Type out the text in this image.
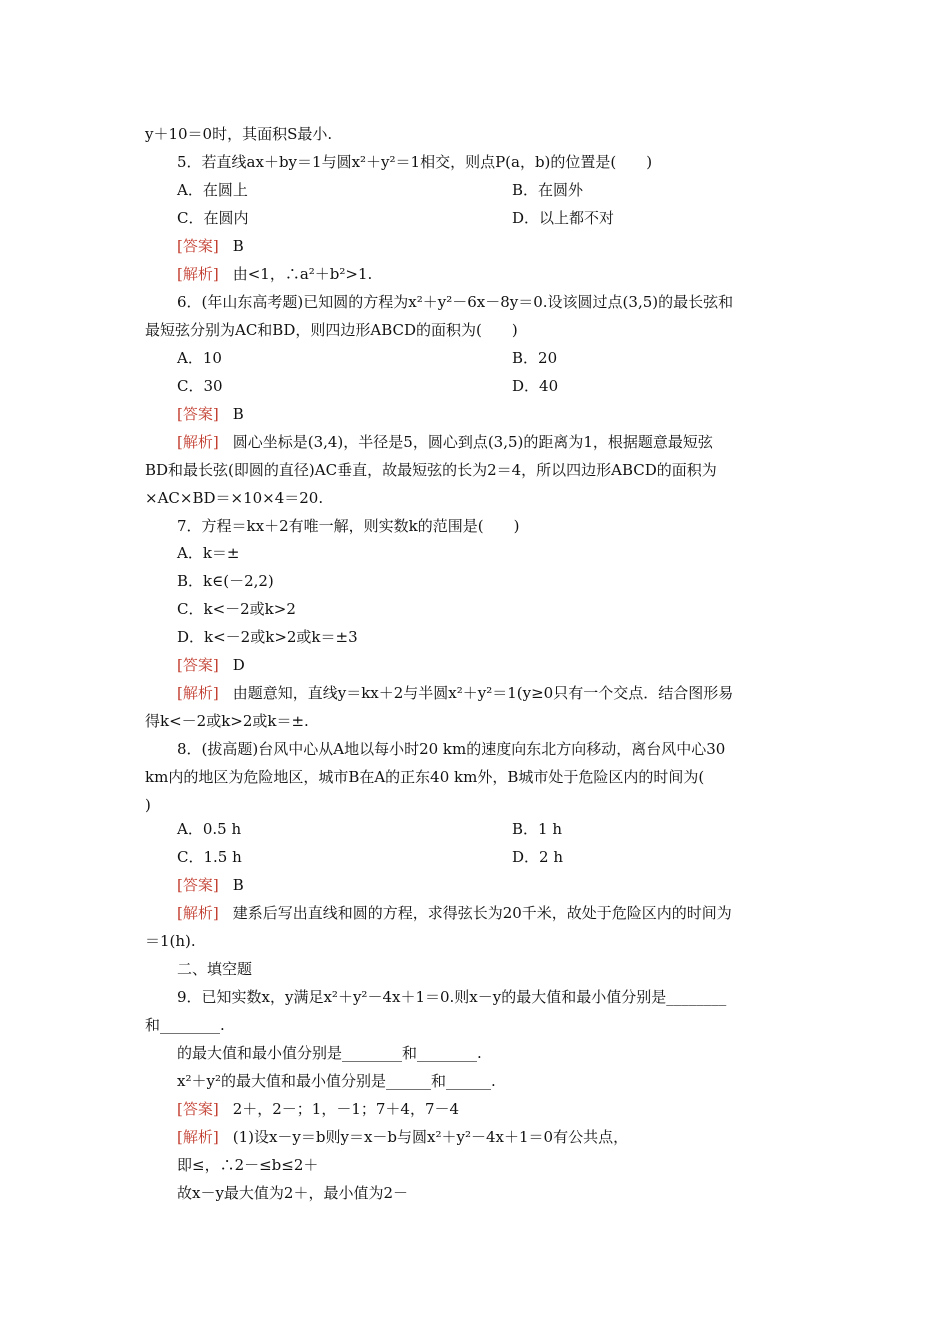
y＋10＝0时，其面积S最小.
5．若直线ax＋by＝1与圆x²＋y²＝1相交，则点P(a，b)的位置是(　　)
A．在圆上	B．在圆外
C．在圆内	D．以上都不对
[答案] B
[解析] 由<1，∴a²＋b²>1.
6．(年山东高考题)已知圆的方程为x²＋y²－6x－8y＝0.设该圆过点(3,5)的最长弦和
最短弦分别为AC和BD，则四边形ABCD的面积为(　　)
A．10	B．20
C．30	D．40
[答案] B
[解析] 圆心坐标是(3,4)，半径是5，圆心到点(3,5)的距离为1，根据题意最短弦
BD和最长弦(即圆的直径)AC垂直，故最短弦的长为2＝4，所以四边形ABCD的面积为
×AC×BD＝×10×4＝20.
7．方程＝kx＋2有唯一解，则实数k的范围是(　　)
A．k＝±
B．k∈(－2,2)
C．k<－2或k>2
D．k<－2或k>2或k＝±3
[答案] D
[解析] 由题意知，直线y＝kx＋2与半圆x²＋y²＝1(y≥0只有一个交点．结合图形易
得k<－2或k>2或k＝±.
8．(拔高题)台风中心从A地以每小时20 km的速度向东北方向移动，离台风中心30
km内的地区为危险地区，城市B在A的正东40 km外，B城市处于危险区内的时间为(
)
A．0.5 h	B．1 h
C．1.5 h	D．2 h
[答案] B
[解析] 建系后写出直线和圆的方程，求得弦长为20千米，故处于危险区内的时间为
＝1(h).
二、填空题
9．已知实数x，y满足x²＋y²－4x＋1＝0.则x－y的最大值和最小值分别是________
和________.
的最大值和最小值分别是________和________.
x²＋y²的最大值和最小值分别是______和______.
[答案] 2＋，2－；1，－1；7＋4，7－4
[解析] (1)设x－y＝b则y＝x－b与圆x²＋y²－4x＋1＝0有公共点，
即≤，∴2－≤b≤2＋
故x－y最大值为2＋，最小值为2－
